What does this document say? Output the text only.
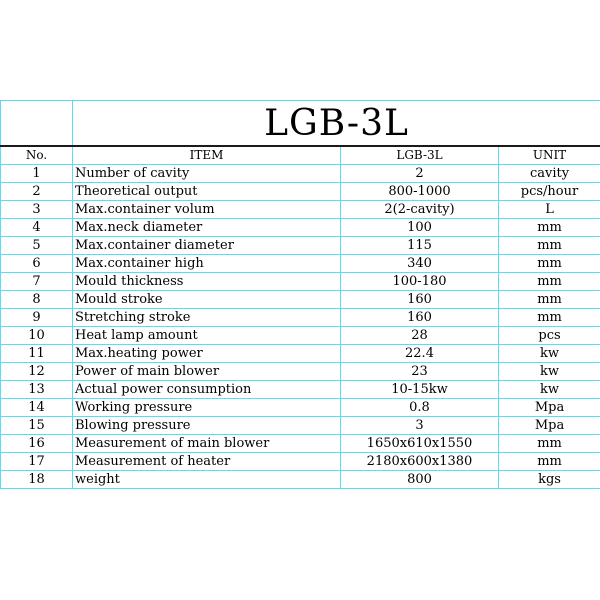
	LGB-3L		
No.	ITEM	LGB-3L	UNIT
1	Number of cavity	2	cavity
2	Theoretical output	800-1000	pcs/hour
3	Max.container volum	2(2-cavity)	L
4	Max.neck diameter	100	mm
5	Max.container diameter	115	mm
6	Max.container high	340	mm
7	Mould thickness	100-180	mm
8	Mould stroke	160	mm
9	Stretching stroke	160	mm
10	Heat lamp amount	28	pcs
11	Max.heating power	22.4	kw
12	Power of main blower	23	kw
13	Actual power consumption	10-15kw	kw
14	Working pressure	0.8	Mpa
15	Blowing pressure	3	Mpa
16	Measurement of main blower	1650x610x1550	mm
17	Measurement of heater	2180x600x1380	mm
18	weight	800	kgs
